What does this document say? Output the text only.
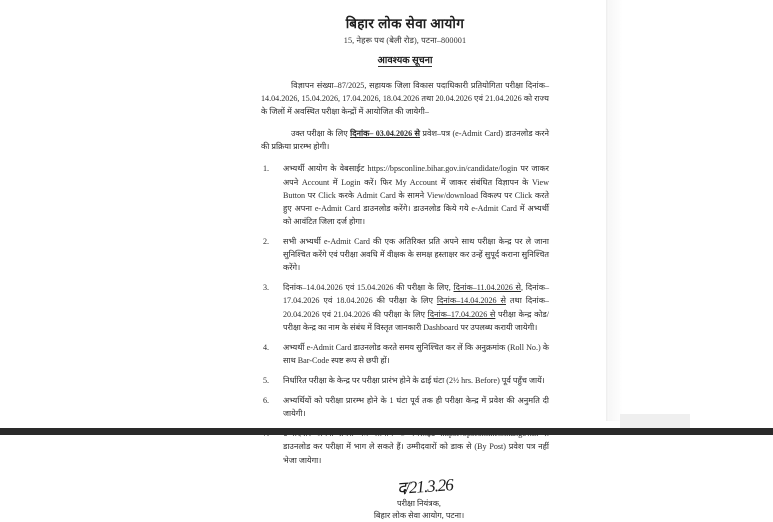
बिहार लोक सेवा आयोग
15, नेहरू पथ (बेली रोड), पटना–800001
आवश्यक सूचना

विज्ञापन संख्या–87/2025, सहायक जिला विकास पदाधिकारी प्रतियोगिता परीक्षा दिनांक–14.04.2026, 15.04.2026, 17.04.2026, 18.04.2026 तथा 20.04.2026 एवं 21.04.2026 को राज्य के जिलों में अवस्थित परीक्षा केन्द्रों में आयोजित की जायेगी–

उक्त परीक्षा के लिए दिनांक– 03.04.2026 से प्रवेश–पत्र (e-Admit Card) डाउनलोड करने की प्रक्रिया प्रारम्भ होगी।

1.	अभ्यर्थी आयोग के वेबसाईट https://bpsconline.bihar.gov.in/candidate/login पर जाकर अपने Account में Login करें। फिर My Account में जाकर संबंधित विज्ञापन के View Button पर Click करके Admit Card के सामने View/download विकल्प पर Click करते हुए अपना e-Admit Card डाउनलोड करेंगे। डाउनलोड किये गये e-Admit Card में अभ्यर्थी को आवंटित जिला दर्ज होगा।
2.	सभी अभ्यर्थी e-Admit Card की एक अतिरिक्त प्रति अपने साथ परीक्षा केन्द्र पर ले जाना सुनिश्चित करेंगे एवं परीक्षा अवधि में वीक्षक के समक्ष हस्ताक्षर कर उन्हें सुपूर्द कराना सुनिश्चित करेंगे।
3.	दिनांक–14.04.2026 एवं 15.04.2026 की परीक्षा के लिए, दिनांक–11.04.2026 से, दिनांक–17.04.2026 एवं 18.04.2026 की परीक्षा के लिए दिनांक–14.04.2026 से तथा दिनांक–20.04.2026 एवं 21.04.2026 की परीक्षा के लिए दिनांक–17.04.2026 से परीक्षा केन्द्र कोड/परीक्षा केन्द्र का नाम के संबंध में विस्तृत जानकारी Dashboard पर उपलब्ध करायी जायेगी।
4.	अभ्यर्थी e-Admit Card डाउनलोड करते समय सुनिश्चित कर लें कि अनुक्रमांक (Roll No.) के साथ Bar-Code स्पष्ट रूप से छपी हों।
5.	निर्धारित परीक्षा के केन्द्र पर परीक्षा प्रारंभ होने के ढाई घंटा (2½ hrs. Before) पूर्व पहुँच जायें।
6.	अभ्यर्थियों को परीक्षा प्रारम्भ होने के 1 घंटा पूर्व तक ही परीक्षा केन्द्र में प्रवेश की अनुमति दी जायेगी।
7.	उम्मीदवार अपना प्रवेश पत्र आयोग के वेबसाईट https://bpsconline.bihar.gov.in से डाउनलोड कर परीक्षा में भाग ले सकते हैं। उम्मीदवारों को डाक से (By Post) प्रवेश पत्र नहीं भेजा जायेगा।
द/21.3.26
परीक्षा नियंत्रक,
बिहार लोक सेवा आयोग, पटना।
